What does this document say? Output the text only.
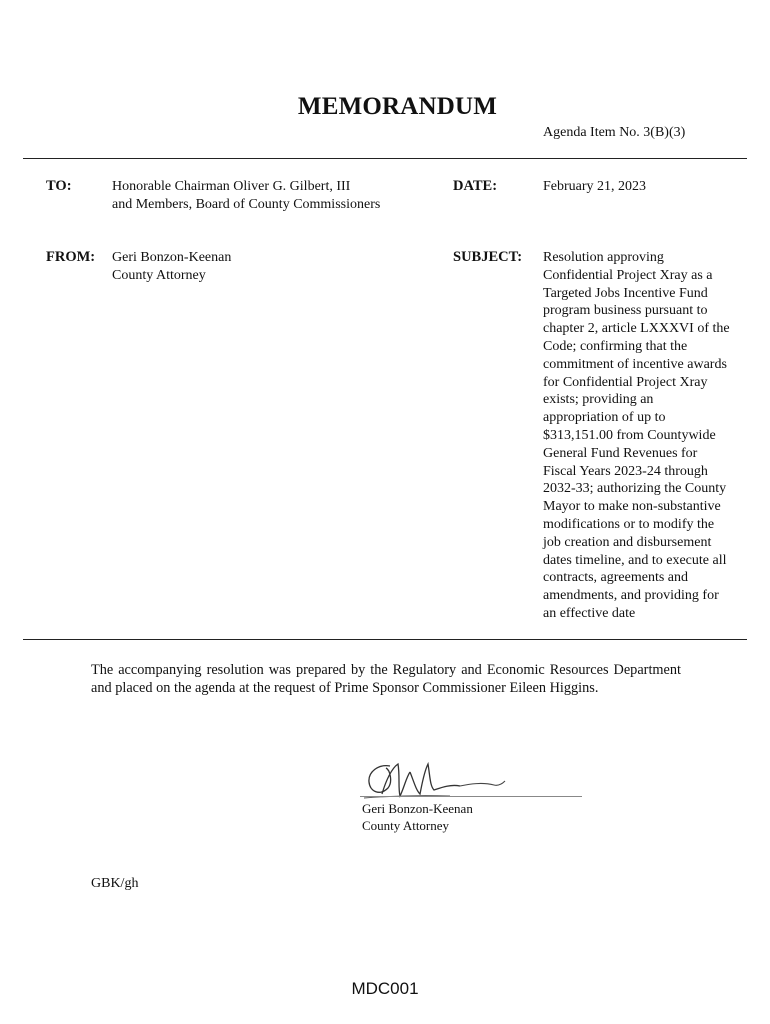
MEMORANDUM
Agenda Item No. 3(B)(3)
TO:	Honorable Chairman Oliver G. Gilbert, III
and Members, Board of County Commissioners
DATE:	February 21, 2023
FROM: Geri Bonzon-Keenan
County Attorney
SUBJECT: Resolution approving
Confidential Project Xray as a
Targeted Jobs Incentive Fund
program business pursuant to
chapter 2, article LXXXVI of the
Code; confirming that the
commitment of incentive awards
for Confidential Project Xray
exists; providing an
appropriation of up to
$313,151.00 from Countywide
General Fund Revenues for
Fiscal Years 2023-24 through
2032-33; authorizing the County
Mayor to make non-substantive
modifications or to modify the
job creation and disbursement
dates timeline, and to execute all
contracts, agreements and
amendments, and providing for
an effective date
The accompanying resolution was prepared by the Regulatory and Economic Resources Department and placed on the agenda at the request of Prime Sponsor Commissioner Eileen Higgins.
Geri Bonzon-Keenan
County Attorney
GBK/gh
MDC001
